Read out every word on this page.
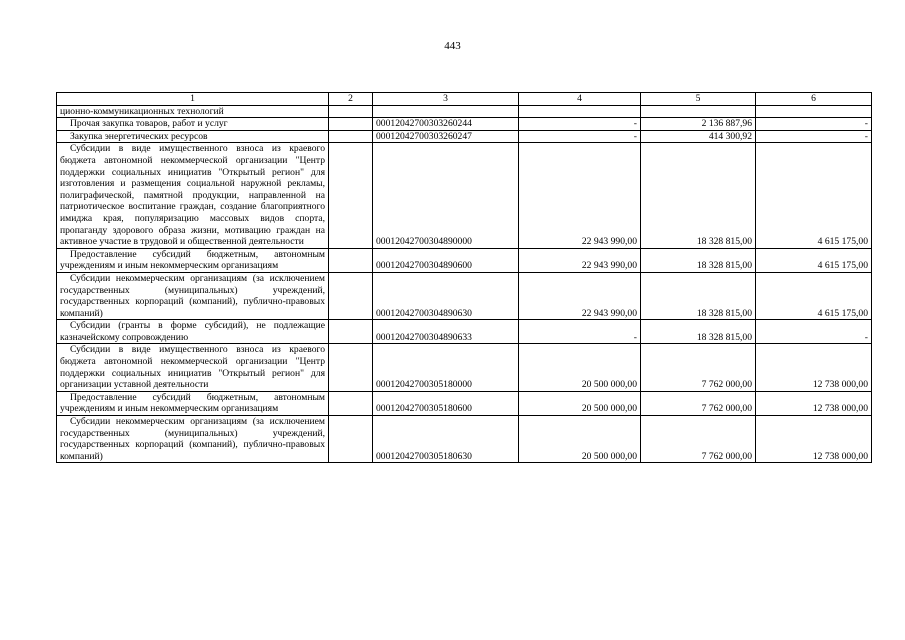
443
1	2	3	4	5	6
ционно-коммуникационных технологий					
Прочая закупка товаров, работ и услуг		00012042700303260244	-	2 136 887,96	-
Закупка энергетических ресурсов		00012042700303260247	-	414 300,92	-
Субсидии в виде имущественного взноса из краевого бюджета автономной некоммерческой организации "Центр поддержки социальных инициатив "Открытый регион" для изготовления и размещения социальной наружной рекламы, полиграфической, памятной продукции, направленной на патриотическое воспитание граждан, создание благоприятного имиджа края, популяризацию массовых видов спорта, пропаганду здорового образа жизни, мотивацию граждан на активное участие в трудовой и общественной деятельности		00012042700304890000	22 943 990,00	18 328 815,00	4 615 175,00
Предоставление субсидий бюджетным, автономным учреждениям и иным некоммерческим организациям		00012042700304890600	22 943 990,00	18 328 815,00	4 615 175,00
Субсидии некоммерческим организациям (за исключением государственных (муниципальных) учреждений, государственных корпораций (компаний), публично-правовых компаний)		00012042700304890630	22 943 990,00	18 328 815,00	4 615 175,00
Субсидии (гранты в форме субсидий), не подлежащие казначейскому сопровождению		00012042700304890633	-	18 328 815,00	-
Субсидии в виде имущественного взноса из краевого бюджета автономной некоммерческой организации "Центр поддержки социальных инициатив "Открытый регион" для организации уставной деятельности		00012042700305180000	20 500 000,00	7 762 000,00	12 738 000,00
Предоставление субсидий бюджетным, автономным учреждениям и иным некоммерческим организациям		00012042700305180600	20 500 000,00	7 762 000,00	12 738 000,00
Субсидии некоммерческим организациям (за исключением государственных (муниципальных) учреждений, государственных корпораций (компаний), публично-правовых компаний)		00012042700305180630	20 500 000,00	7 762 000,00	12 738 000,00
